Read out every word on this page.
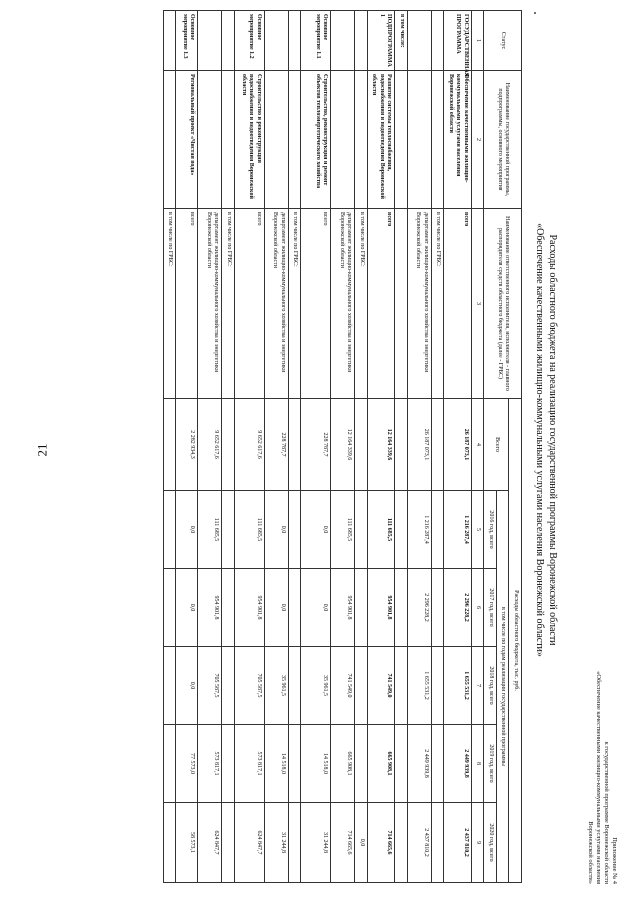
21
Приложение № 4
к государственной программе Воронежской области
«Обеспечение качественными жилищно-коммунальными услугами населения
Воронежской области»
Расходы областного бюджета на реализацию государственной программы Воронежской области
«Обеспечение качественными жилищно-коммунальными услугами населения Воронежской области»
Статус	Наименование государственной программы, подпрограммы, основного мероприятия	Наименование ответственного исполнителя, исполнителя - главного распорядителя средств областного бюджета (далее - ГРБС)	Расходы областного бюджета, тыс. руб.					
			Всего	в том числе по годам реализации государственной программы				
				2016 год, всего	2017 год, всего	2018 год, всего	2019 год, всего	2020 год, всего
1	2	3	4	5	6	7	8	9
ГОСУДАРСТВЕННАЯ ПРОГРАММА	Обеспечение качественными жилищно-коммунальными услугами населения Воронежской области	всего	26 187 073,1	1 216 287,4	2 296 228,2	1 655 531,2	2 449 939,8	2 437 810,2
		в том числе по ГРБС:						
		департамент жилищно-коммунального хозяйства и энергетики Воронежской области	26 187 073,1	1 216 287,4	2 296 228,2	1 655 531,2	2 449 939,8	2 437 810,2
в том числе:								
ПОДПРОГРАММА 1	Развитие системы теплоснабжения, водоснабжения и водоотведения Воронежской области	всего	12 164 339,6	111 685,5	954 901,8	741 549,0	665 908,1	714 665,6
		в том числе по ГРБС:						0,0
		департамент жилищно-коммунального хозяйства и энергетики Воронежской области	12 164 339,6	111 685,5	954 901,8	741 549,0	665 908,1	714 665,6
Основное мероприятие 1.1	Строительство, реконструкция и ремонт объектов теплоэнергетического хозяйства	всего	228 787,7	0,0	0,0	35 961,5	14 518,0	31 244,8
		в том числе по ГРБС:						
		департамент жилищно-коммунального хозяйства и энергетики Воронежской области	228 787,7	0,0	0,0	35 961,5	14 518,0	31 244,8
Основное мероприятие 1.2	Строительство и реконструкция водоснабжения и водоотведения Воронежской области	всего	9 652 617,6	111 685,5	954 901,8	705 587,5	573 817,1	624 847,7
		в том числе по ГРБС:						
		департамент жилищно-коммунального хозяйства и энергетики Воронежской области	9 652 617,6	111 685,5	954 901,8	705 587,5	573 817,1	624 847,7
Основное мероприятие 1.3	Региональный проект «Чистая вода»	всего	2 282 934,3	0,0	0,0	0,0	77 573,0	58 573,1
		в том числе по ГРБС:						
